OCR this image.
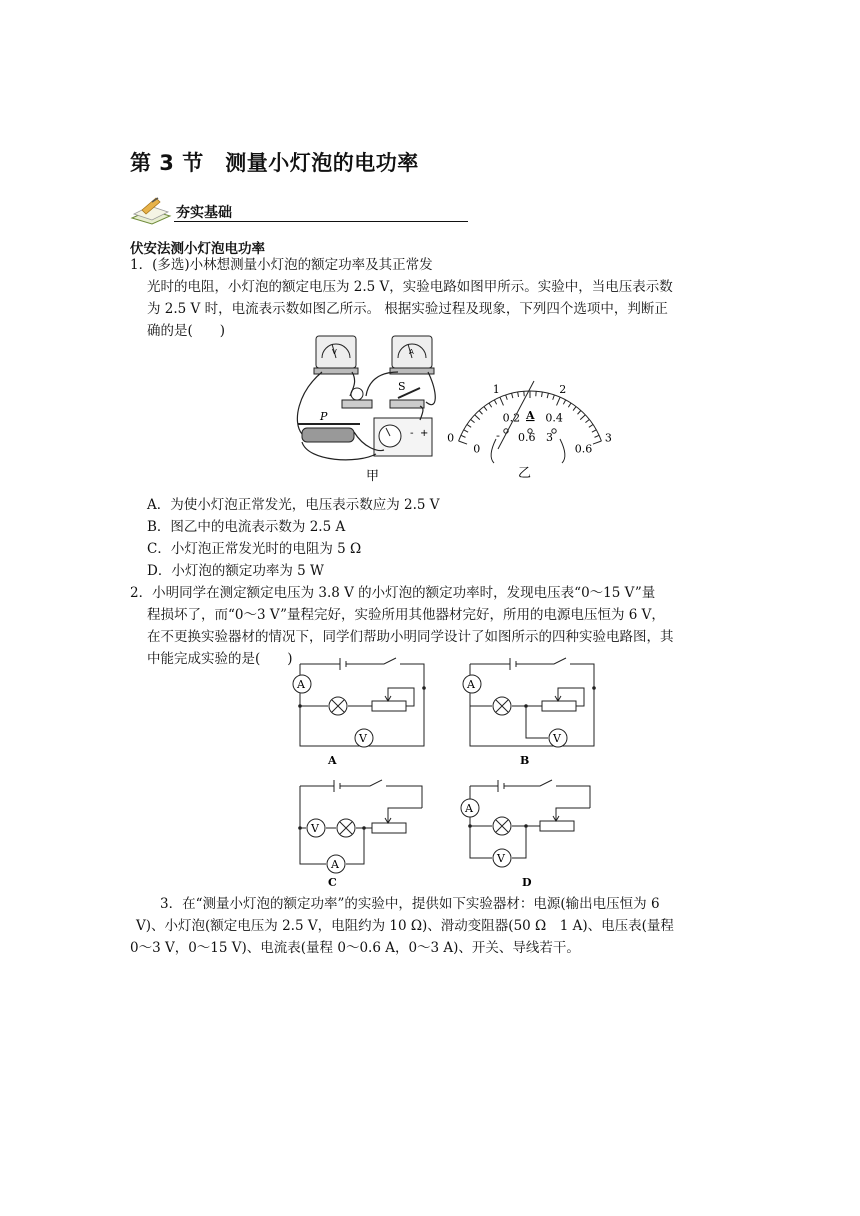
第 3 节　测量小灯泡的电功率
夯实基础
伏安法测小灯泡电功率
1．(多选)小林想测量小灯泡的额定功率及其正常发
光时的电阻，小灯泡的额定电压为 2.5 V，实验电路如图甲所示。实验中，当电压表示数
为 2.5 V 时，电流表示数如图乙所示。 根据实验过程及现象，下列四个选项中，判断正
确的是(　　)
V	A
S
P
- +
甲
0
1	2
3
0
0.2 0.4
0.6
A
- 0.6 3
乙
A．为使小灯泡正常发光，电压表示数应为 2.5 V
B．图乙中的电流表示数为 2.5 A
C．小灯泡正常发光时的电阻为 5 Ω
D．小灯泡的额定功率为 5 W
2．小明同学在测定额定电压为 3.8 V 的小灯泡的额定功率时，发现电压表“0～15 V”量
程损坏了，而“0～3 V”量程完好，实验所用其他器材完好，所用的电源电压恒为 6 V，
在不更换实验器材的情况下，同学们帮助小明同学设计了如图所示的四种实验电路图，其
中能完成实验的是(　　)
A
V
A
A
V
B
A
V
C
A
V
D
3．在“测量小灯泡的额定功率”的实验中，提供如下实验器材：电源(输出电压恒为 6
V)、小灯泡(额定电压为 2.5 V，电阻约为 10 Ω)、滑动变阻器(50 Ω　1 A)、电压表(量程
0～3 V，0～15 V)、电流表(量程 0～0.6 A，0～3 A)、开关、导线若干。
